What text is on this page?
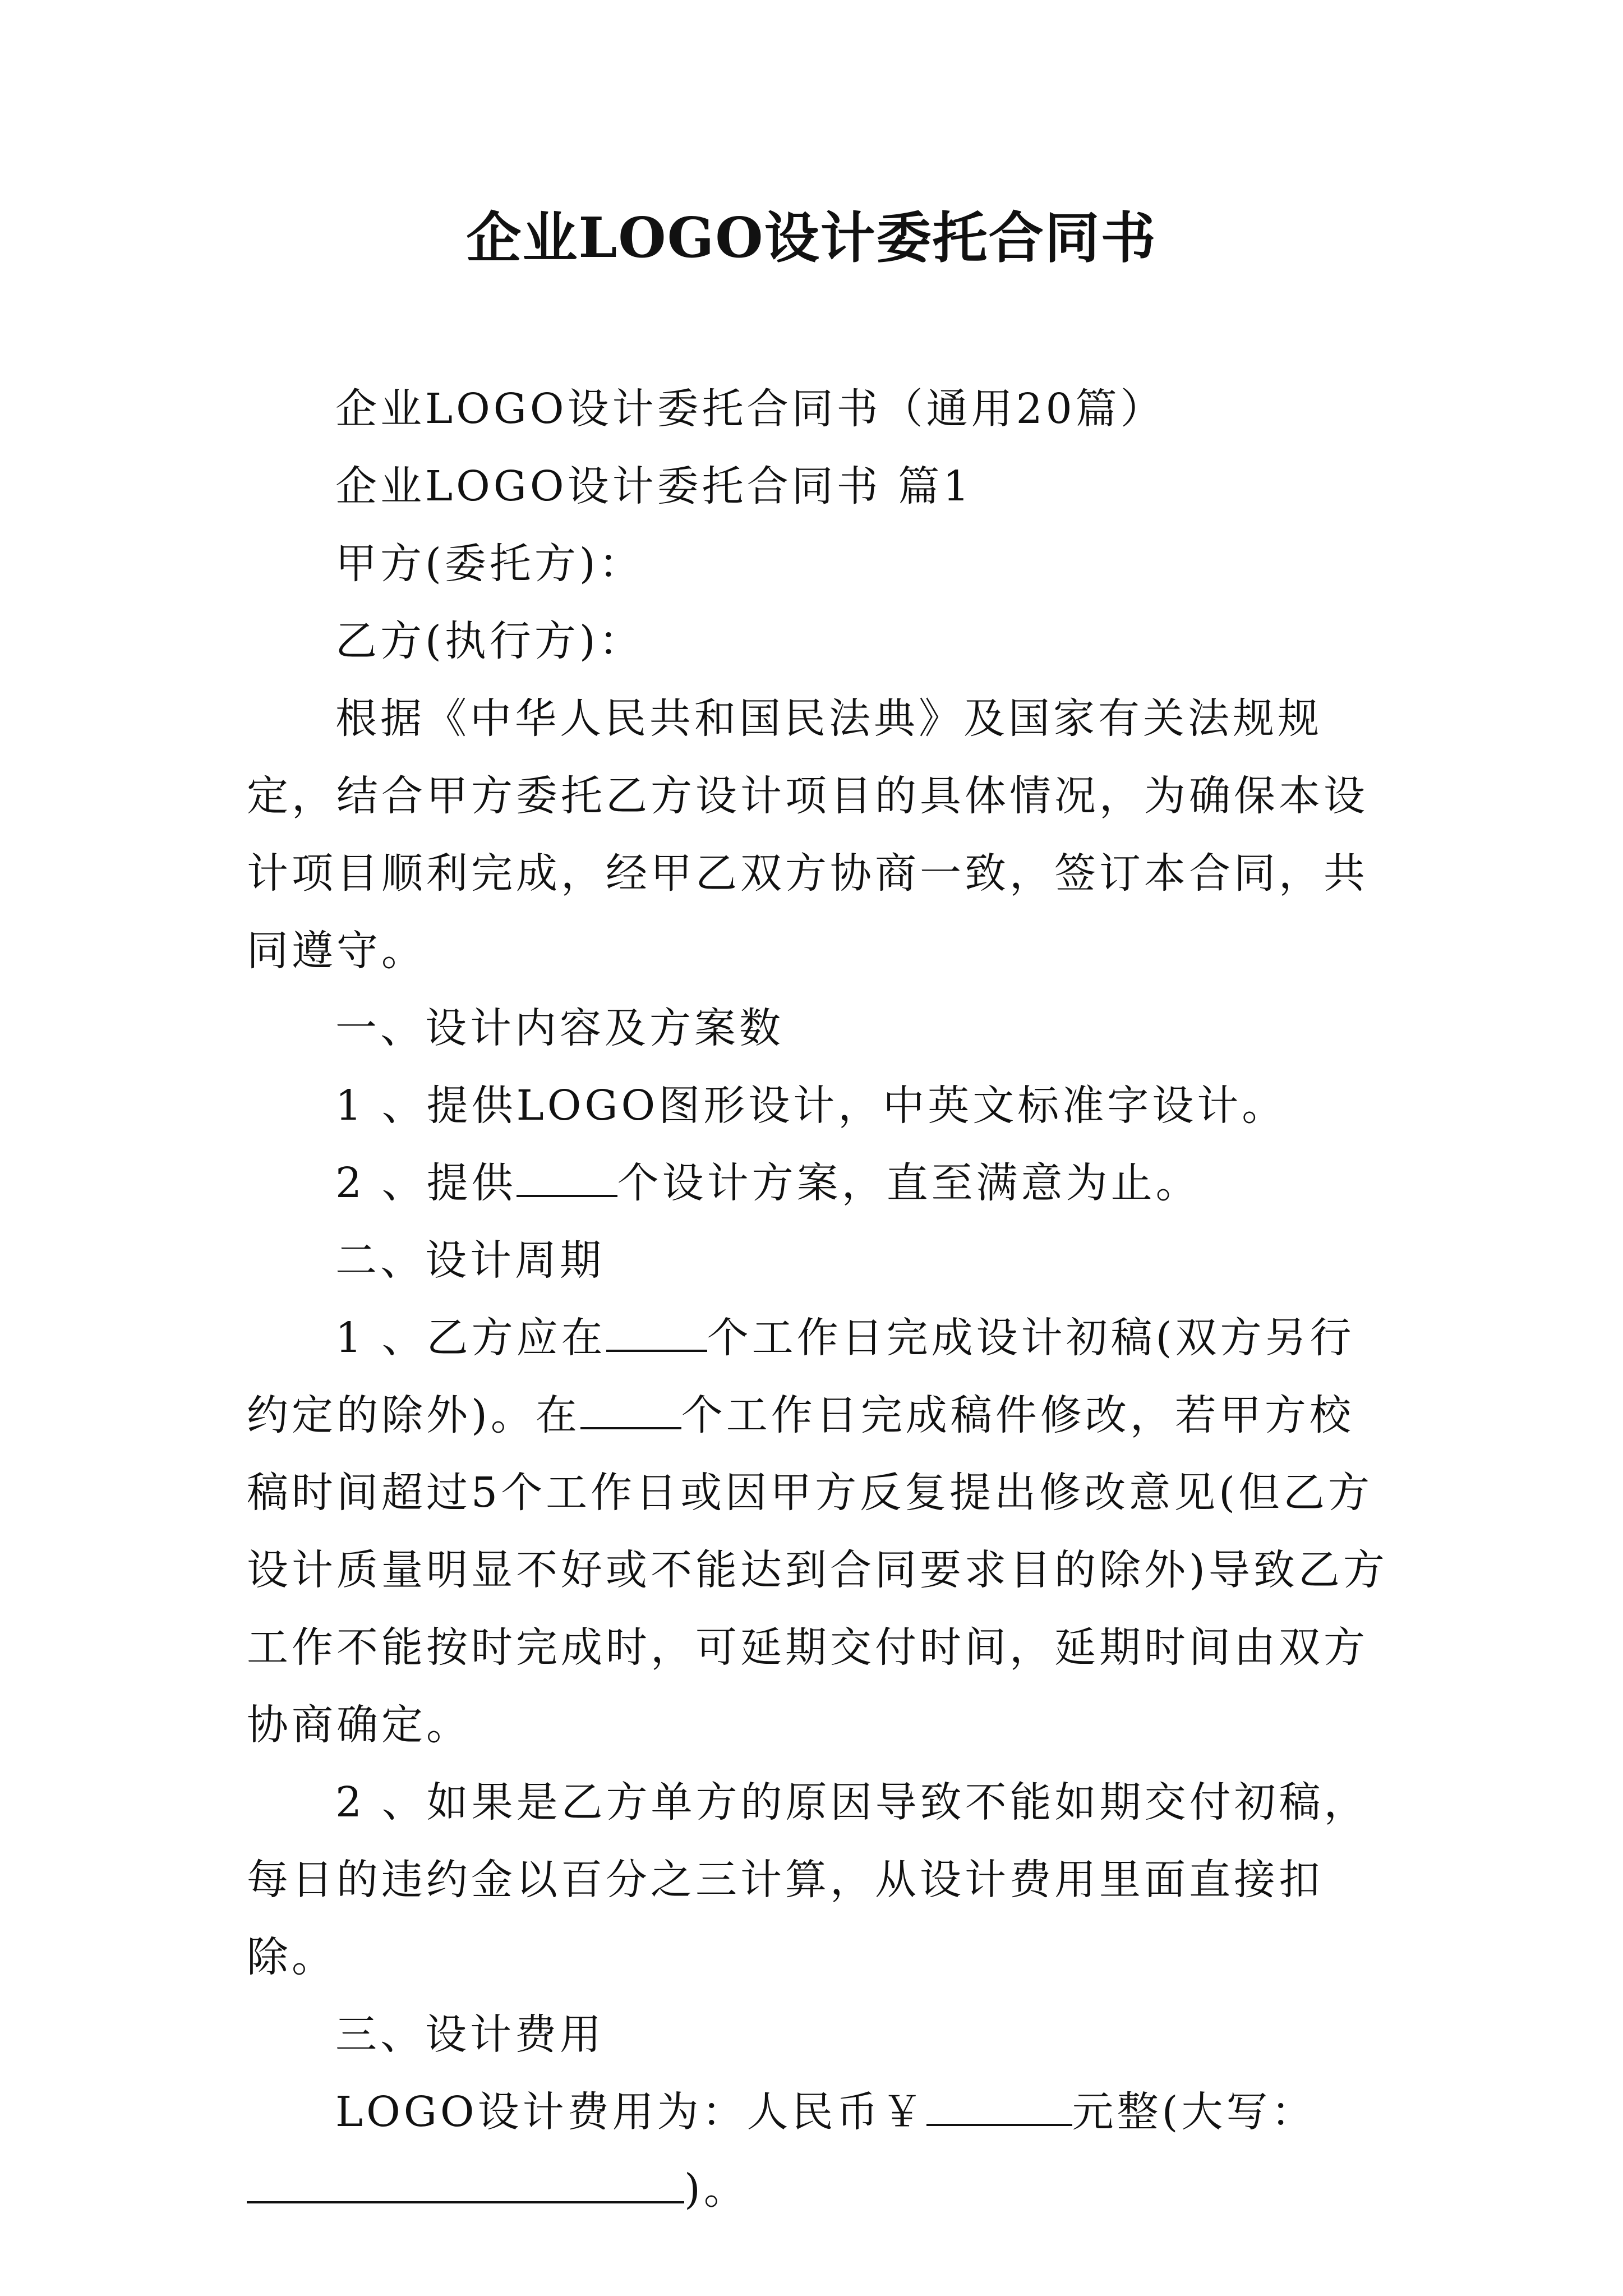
企业LOGO设计委托合同书

企业LOGO设计委托合同书（通用20篇）

企业LOGO设计委托合同书 篇1

甲方(委托方)：

乙方(执行方)：

根据《中华人民共和国民法典》及国家有关法规规定，结合甲方委托乙方设计项目的具体情况，为确保本设计项目顺利完成，经甲乙双方协商一致，签订本合同，共同遵守。

一、设计内容及方案数

1 、提供LOGO图形设计，中英文标准字设计。

2 、提供 个设计方案，直至满意为止。

二、设计周期

1 、乙方应在 个工作日完成设计初稿(双方另行约定的除外)。在 个工作日完成稿件修改，若甲方校稿时间超过5个工作日或因甲方反复提出修改意见(但乙方设计质量明显不好或不能达到合同要求目的除外)导致乙方工作不能按时完成时，可延期交付时间，延期时间由双方协商确定。

2 、如果是乙方单方的原因导致不能如期交付初稿，每日的违约金以百分之三计算，从设计费用里面直接扣除。

三、设计费用

LOGO设计费用为：人民币￥	元整(大写：)。
